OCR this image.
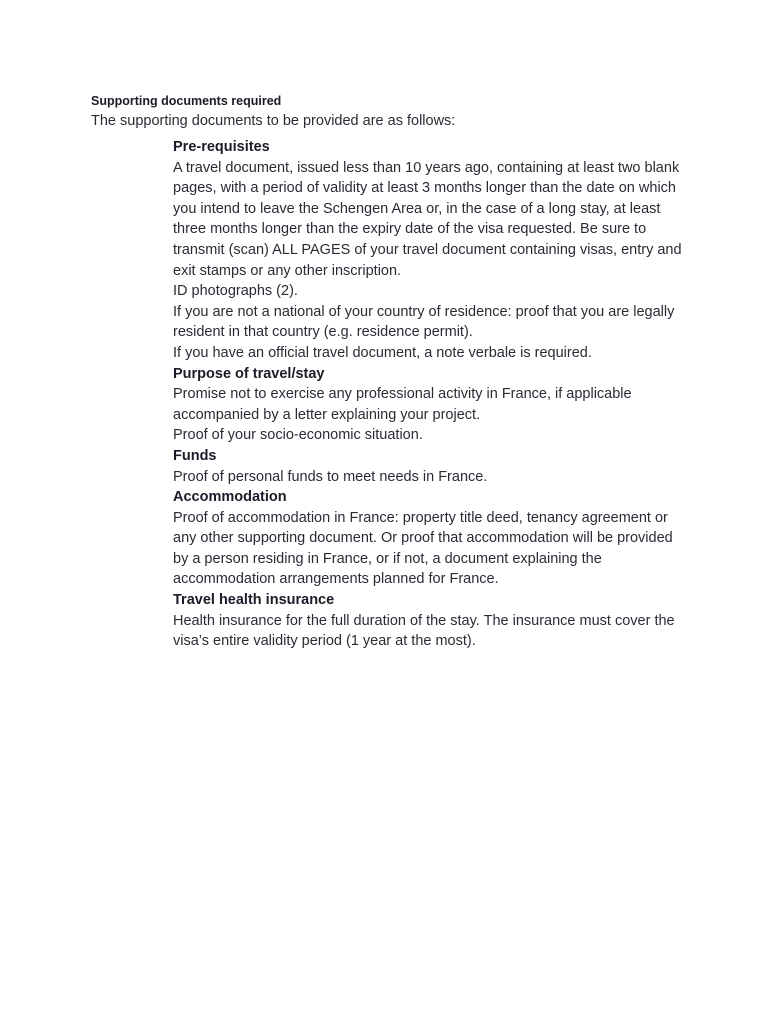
Supporting documents required
The supporting documents to be provided are as follows:

Pre-requisites

A travel document, issued less than 10 years ago, containing at least two blank pages, with a period of validity at least 3 months longer than the date on which you intend to leave the Schengen Area or, in the case of a long stay, at least three months longer than the expiry date of the visa requested. Be sure to transmit (scan) ALL PAGES of your travel document containing visas, entry and exit stamps or any other inscription.

ID photographs (2).

If you are not a national of your country of residence: proof that you are legally resident in that country (e.g. residence permit).

If you have an official travel document, a note verbale is required.

Purpose of travel/stay

Promise not to exercise any professional activity in France, if applicable accompanied by a letter explaining your project.

Proof of your socio-economic situation.

Funds

Proof of personal funds to meet needs in France.

Accommodation

Proof of accommodation in France: property title deed, tenancy agreement or any other supporting document. Or proof that accommodation will be provided by a person residing in France, or if not, a document explaining the accommodation arrangements planned for France.

Travel health insurance

Health insurance for the full duration of the stay. The insurance must cover the visa’s entire validity period (1 year at the most).
